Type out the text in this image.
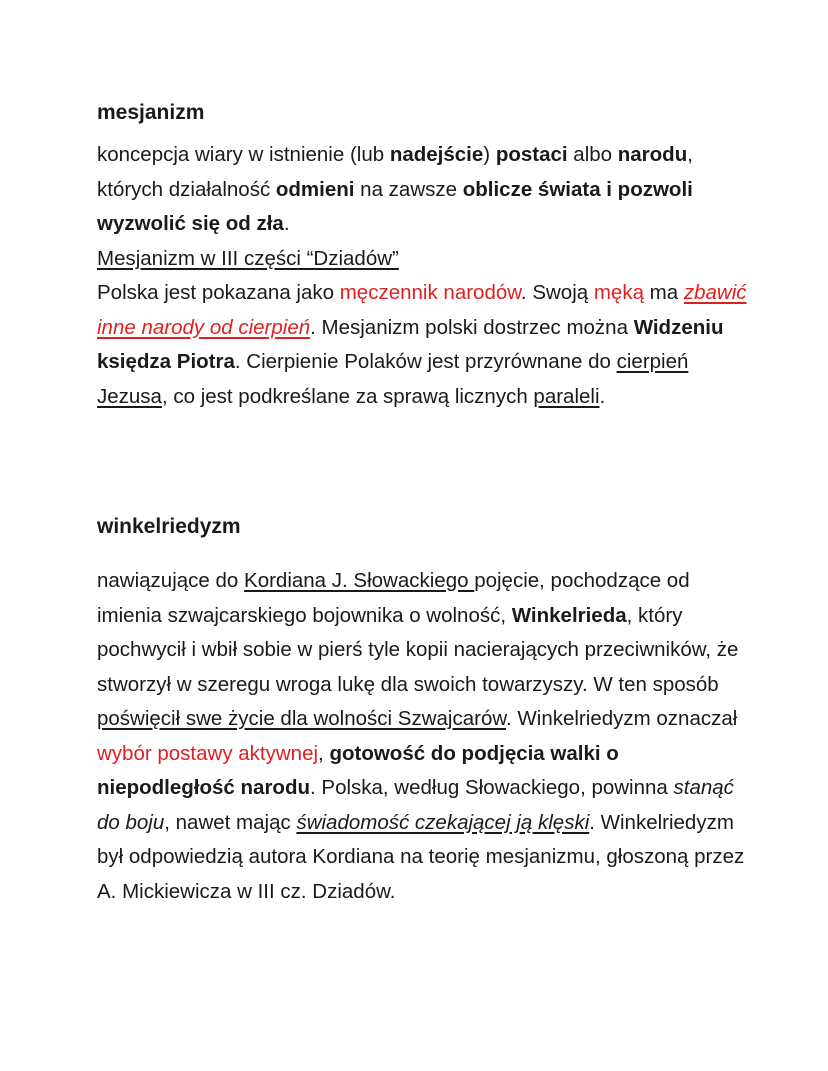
mesjanizm

koncepcja wiary w istnienie (lub nadejście) postaci albo narodu, których działalność odmieni na zawsze oblicze świata i pozwoli wyzwolić się od zła.

Mesjanizm w III części “Dziadów”

Polska jest pokazana jako męczennik narodów. Swoją męką ma zbawić inne narody od cierpień. Mesjanizm polski dostrzec można Widzeniu księdza Piotra. Cierpienie Polaków jest przyrównane do cierpień Jezusa, co jest podkreślane za sprawą licznych paraleli.

winkelriedyzm

nawiązujące do Kordiana J. Słowackiego pojęcie, pochodzące od imienia szwajcarskiego bojownika o wolność, Winkelrieda, który pochwycił i wbił sobie w pierś tyle kopii nacierających przeciwników, że stworzył w szeregu wroga lukę dla swoich towarzyszy. W ten sposób poświęcił swe życie dla wolności Szwajcarów. Winkelriedyzm oznaczał wybór postawy aktywnej, gotowość do podjęcia walki o niepodległość narodu. Polska, według Słowackiego, powinna stanąć do boju, nawet mając świadomość czekającej ją klęski. Winkelriedyzm był odpowiedzią autora Kordiana na teorię mesjanizmu, głoszoną przez A. Mickiewicza w III cz. Dziadów.
